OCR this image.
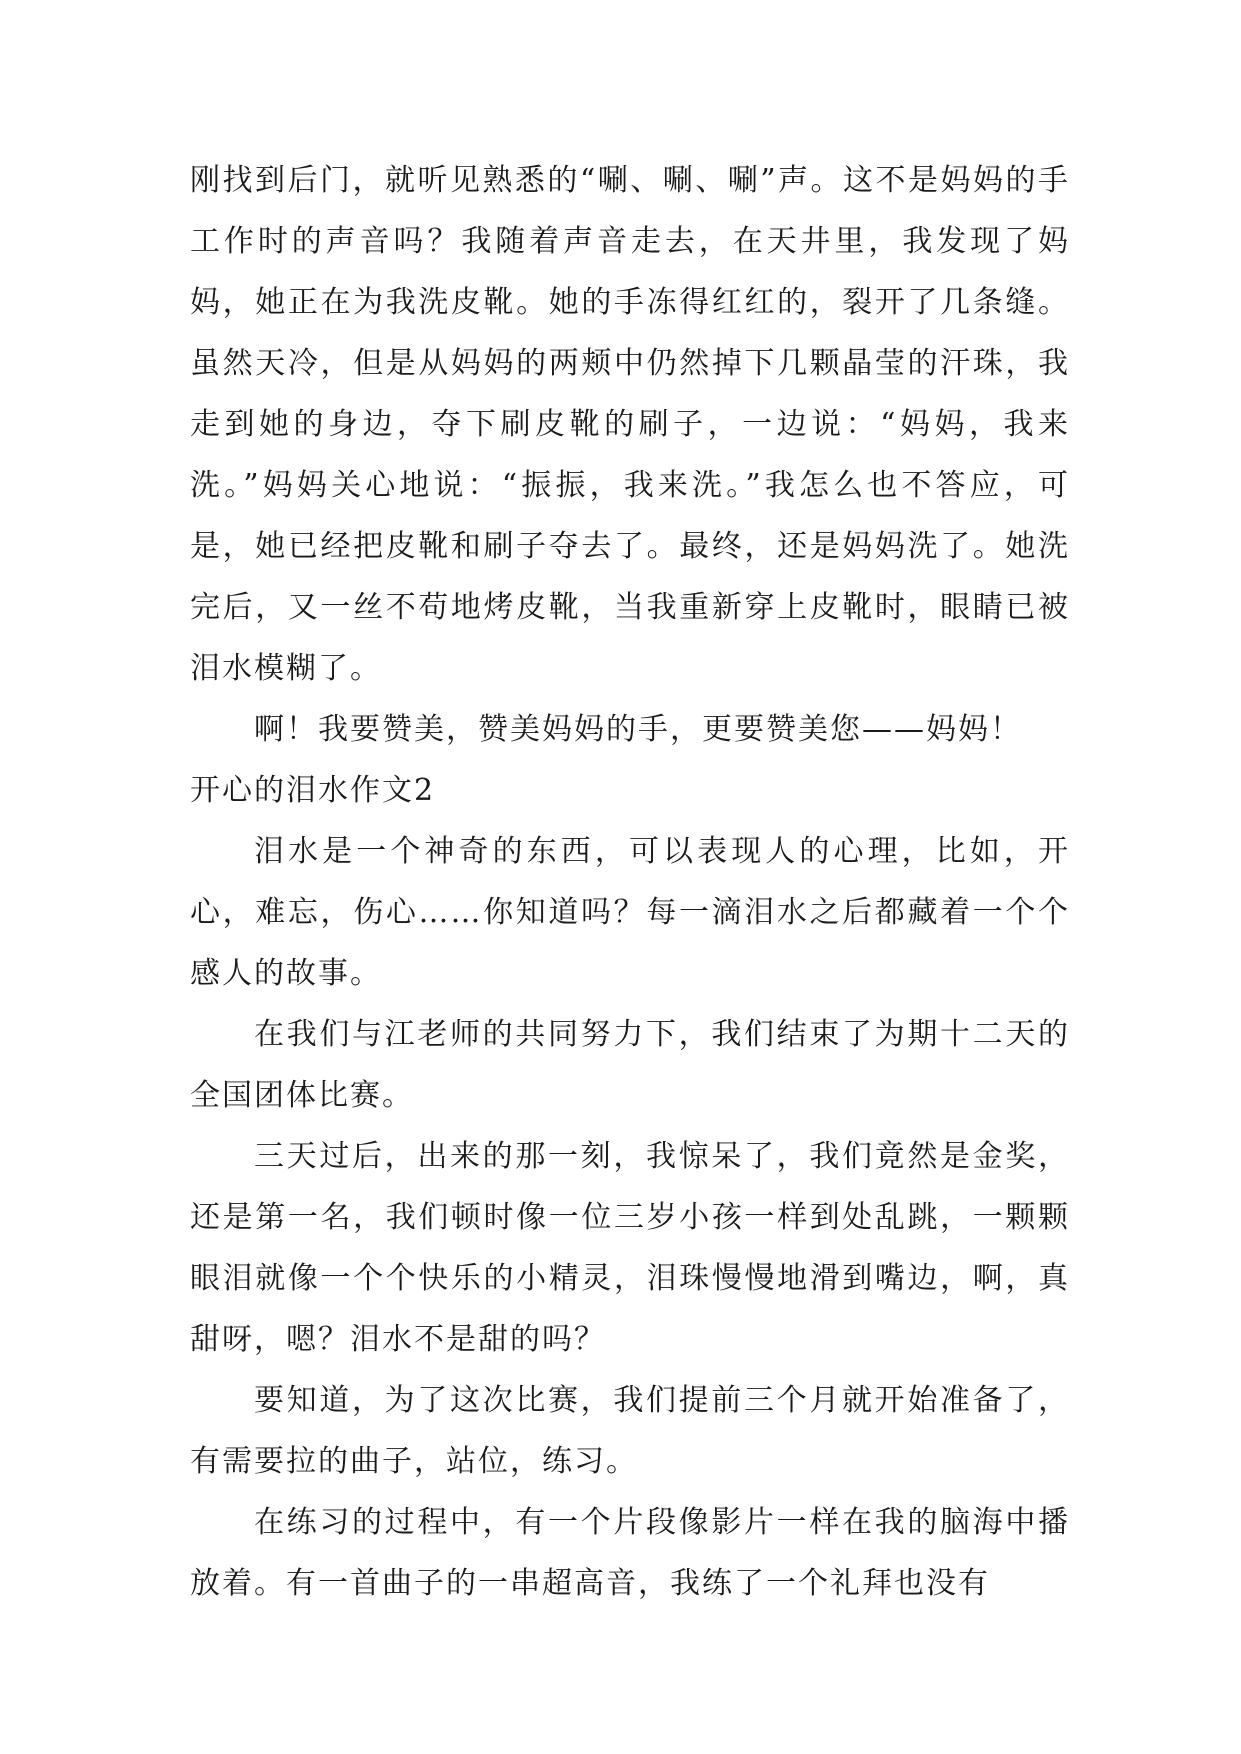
刚找到后门，就听见熟悉的“唰、唰、唰”声。这不是妈妈的手工作时的声音吗？我随着声音走去，在天井里，我发现了妈妈，她正在为我洗皮靴。她的手冻得红红的，裂开了几条缝。虽然天冷，但是从妈妈的两颊中仍然掉下几颗晶莹的汗珠，我走到她的身边，夺下刷皮靴的刷子，一边说：“妈妈，我来洗。”妈妈关心地说：“振振，我来洗。”我怎么也不答应，可是，她已经把皮靴和刷子夺去了。最终，还是妈妈洗了。她洗完后，又一丝不苟地烤皮靴，当我重新穿上皮靴时，眼睛已被泪水模糊了。

啊！我要赞美，赞美妈妈的手，更要赞美您——妈妈！

开心的泪水作文2

泪水是一个神奇的东西，可以表现人的心理，比如，开心，难忘，伤心……你知道吗？每一滴泪水之后都藏着一个个感人的故事。

在我们与江老师的共同努力下，我们结束了为期十二天的全国团体比赛。

三天过后，出来的那一刻，我惊呆了，我们竟然是金奖，还是第一名，我们顿时像一位三岁小孩一样到处乱跳，一颗颗眼泪就像一个个快乐的小精灵，泪珠慢慢地滑到嘴边，啊，真甜呀，嗯？泪水不是甜的吗？

要知道，为了这次比赛，我们提前三个月就开始准备了，有需要拉的曲子，站位，练习。

在练习的过程中，有一个片段像影片一样在我的脑海中播放着。有一首曲子的一串超高音，我练了一个礼拜也没有
